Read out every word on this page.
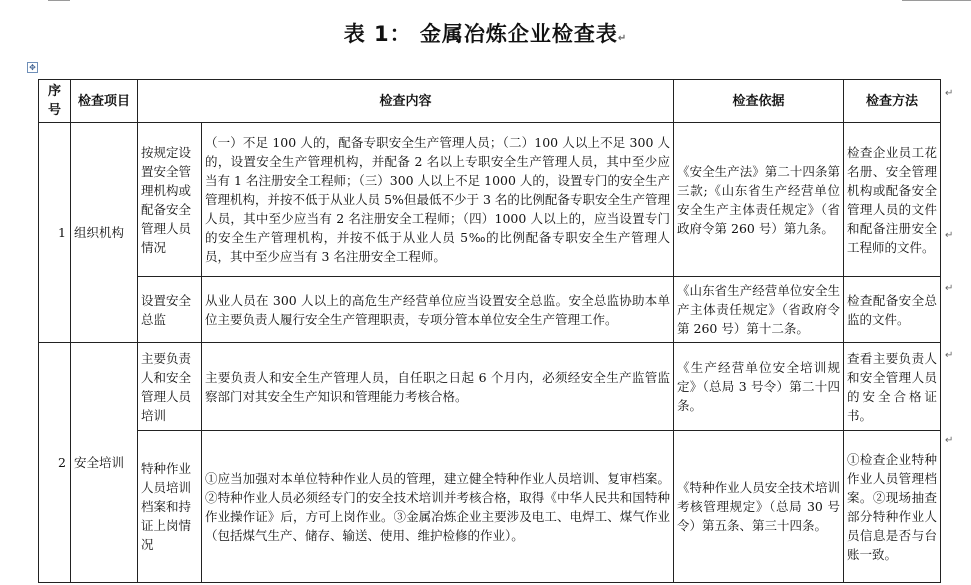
表 1： 金属冶炼企业检查表↵
✥
序号	检查项目	检查内容		检查依据	检查方法
1	组织机构	按规定设置安全管理机构或配备安全管理人员情况	（一）不足 100 人的，配备专职安全生产管理人员；（二）100 人以上不足 300 人的，设置安全生产管理机构，并配备 2 名以上专职安全生产管理人员，其中至少应当有 1 名注册安全工程师；（三）300 人以上不足 1000 人的，设置专门的安全生产管理机构，并按不低于从业人员 5%但最低不少于 3 名的比例配备专职安全生产管理人员，其中至少应当有 2 名注册安全工程师；（四）1000 人以上的，应当设置专门的安全生产管理机构，并按不低于从业人员 5‰的比例配备专职安全生产管理人员，其中至少应当有 3 名注册安全工程师。	《安全生产法》第二十四条第三款;《山东省生产经营单位安全生产主体责任规定》（省政府令第 260 号）第九条。	检查企业员工花名册、安全管理机构或配备安全管理人员的文件和配备注册安全工程师的文件。
		设置安全总监	从业人员在 300 人以上的高危生产经营单位应当设置安全总监。安全总监协助本单位主要负责人履行安全生产管理职责，专项分管本单位安全生产管理工作。	《山东省生产经营单位安全生产主体责任规定》（省政府令第 260 号）第十二条。	检查配备安全总监的文件。
2	安全培训	主要负责人和安全管理人员培训	主要负责人和安全生产管理人员，自任职之日起 6 个月内，必须经安全生产监管监察部门对其安全生产知识和管理能力考核合格。	《生产经营单位安全培训规定》（总局 3 号令）第二十四条。	查看主要负责人和安全管理人员的安全合格证书。
		特种作业人员培训档案和持证上岗情况	①应当加强对本单位特种作业人员的管理，建立健全特种作业人员培训、复审档案。②特种作业人员必须经专门的安全技术培训并考核合格，取得《中华人民共和国特种作业操作证》后，方可上岗作业。③金属冶炼企业主要涉及电工、电焊工、煤气作业（包括煤气生产、储存、输送、使用、维护检修的作业）。	《特种作业人员安全技术培训考核管理规定》（总局 30 号令）第五条、第三十四条。	①检查企业特种作业人员管理档案。②现场抽查部分特种作业人员信息是否与台账一致。
↵
↵
↵
↵
↵
